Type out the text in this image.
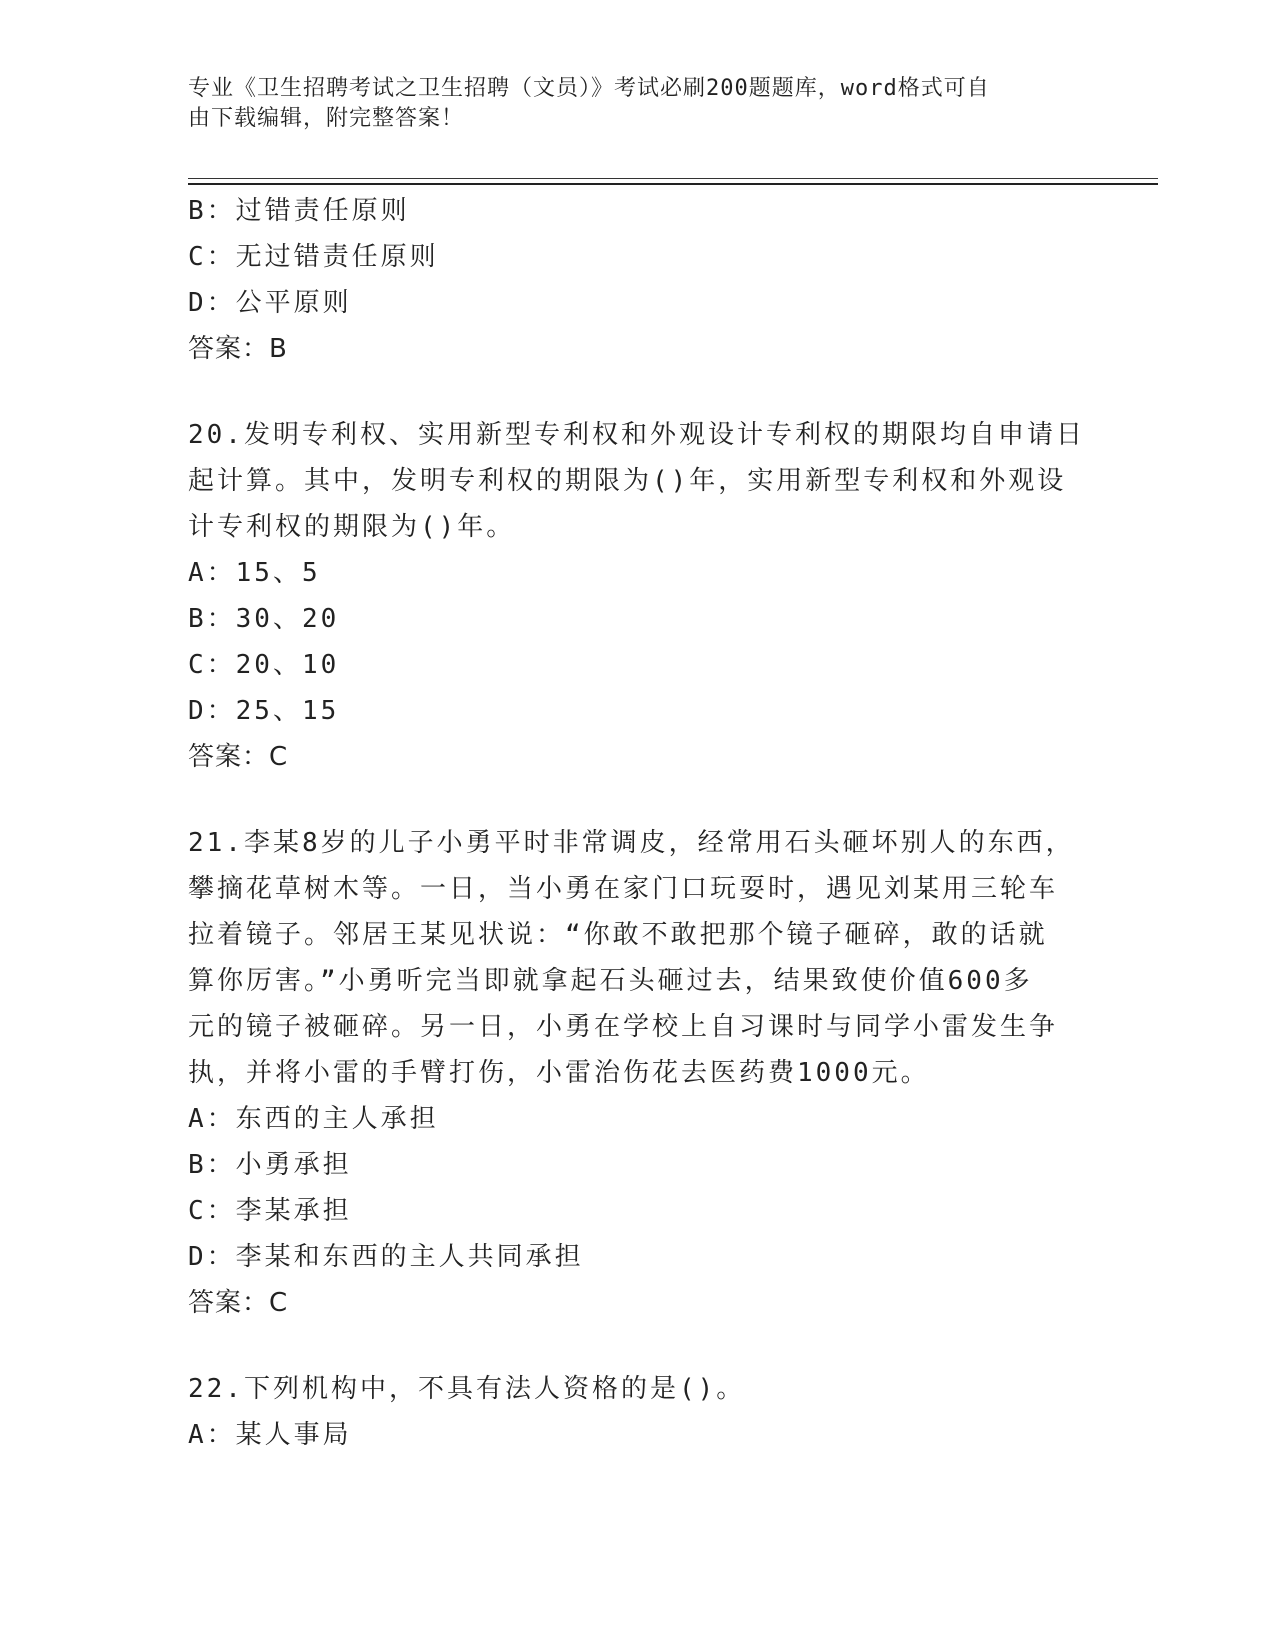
专业《卫生招聘考试之卫生招聘（文员）》考试必刷200题题库，word格式可自
由下载编辑，附完整答案！
B：过错责任原则
C：无过错责任原则
D：公平原则
答案：B
20.发明专利权、实用新型专利权和外观设计专利权的期限均自申请日
起计算。其中，发明专利权的期限为()年，实用新型专利权和外观设
计专利权的期限为()年。
A：15、5
B：30、20
C：20、10
D：25、15
答案：C
21.李某8岁的儿子小勇平时非常调皮，经常用石头砸坏别人的东西，
攀摘花草树木等。一日，当小勇在家门口玩耍时，遇见刘某用三轮车
拉着镜子。邻居王某见状说：“你敢不敢把那个镜子砸碎，敢的话就
算你厉害。”小勇听完当即就拿起石头砸过去，结果致使价值600多
元的镜子被砸碎。另一日，小勇在学校上自习课时与同学小雷发生争
执，并将小雷的手臂打伤，小雷治伤花去医药费1000元。
A：东西的主人承担
B：小勇承担
C：李某承担
D：李某和东西的主人共同承担
答案：C
22.下列机构中，不具有法人资格的是()。
A：某人事局
